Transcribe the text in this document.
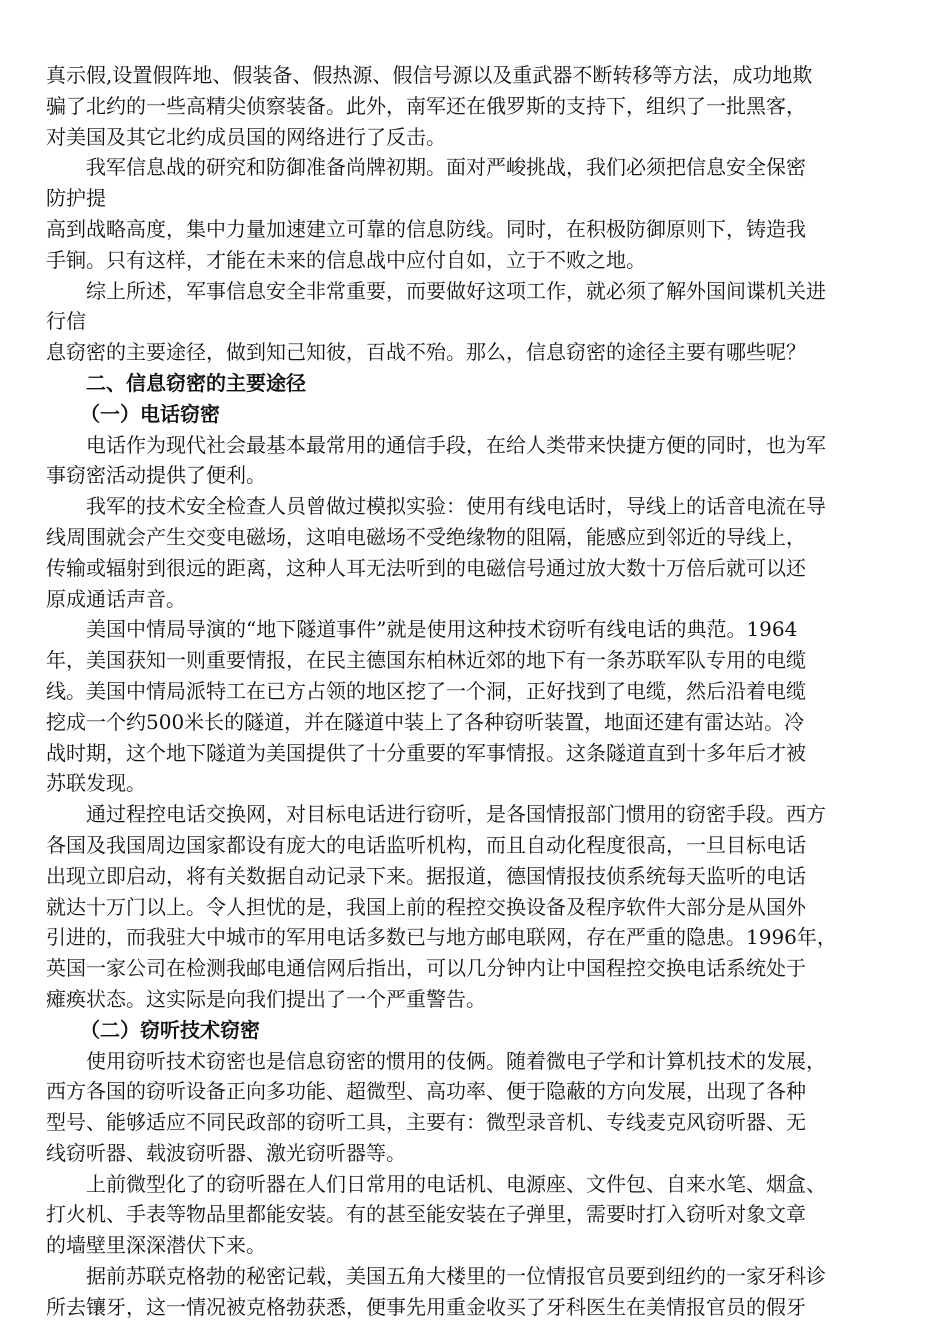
真示假,设置假阵地、假装备、假热源、假信号源以及重武器不断转移等方法，成功地欺
骗了北约的一些高精尖侦察装备。此外，南军还在俄罗斯的支持下，组织了一批黑客，
对美国及其它北约成员国的网络进行了反击。
我军信息战的研究和防御准备尚牌初期。面对严峻挑战，我们必须把信息安全保密
防护提
高到战略高度，集中力量加速建立可靠的信息防线。同时，在积极防御原则下，铸造我
手锏。只有这样，才能在未来的信息战中应付自如，立于不败之地。
综上所述，军事信息安全非常重要，而要做好这项工作，就必须了解外国间谍机关进
行信
息窃密的主要途径，做到知己知彼，百战不殆。那么，信息窃密的途径主要有哪些呢？
二、信息窃密的主要途径
（一）电话窃密
电话作为现代社会最基本最常用的通信手段，在给人类带来快捷方便的同时，也为军
事窃密活动提供了便利。
我军的技术安全检查人员曾做过模拟实验：使用有线电话时，导线上的话音电流在导
线周围就会产生交变电磁场，这咱电磁场不受绝缘物的阻隔，能感应到邻近的导线上，
传输或辐射到很远的距离，这种人耳无法听到的电磁信号通过放大数十万倍后就可以还
原成通话声音。
美国中情局导演的“地下隧道事件”就是使用这种技术窃听有线电话的典范。1964
年，美国获知一则重要情报，在民主德国东柏林近郊的地下有一条苏联军队专用的电缆
线。美国中情局派特工在已方占领的地区挖了一个洞，正好找到了电缆，然后沿着电缆
挖成一个约500米长的隧道，并在隧道中装上了各种窃听装置，地面还建有雷达站。冷
战时期，这个地下隧道为美国提供了十分重要的军事情报。这条隧道直到十多年后才被
苏联发现。
通过程控电话交换网，对目标电话进行窃听，是各国情报部门惯用的窃密手段。西方
各国及我国周边国家都设有庞大的电话监听机构，而且自动化程度很高，一旦目标电话
出现立即启动，将有关数据自动记录下来。据报道，德国情报技侦系统每天监听的电话
就达十万门以上。令人担忧的是，我国上前的程控交换设备及程序软件大部分是从国外
引进的，而我驻大中城市的军用电话多数已与地方邮电联网，存在严重的隐患。1996年，
英国一家公司在检测我邮电通信网后指出，可以几分钟内让中国程控交换电话系统处于
瘫痪状态。这实际是向我们提出了一个严重警告。
（二）窃听技术窃密
使用窃听技术窃密也是信息窃密的惯用的伎俩。随着微电子学和计算机技术的发展，
西方各国的窃听设备正向多功能、超微型、高功率、便于隐蔽的方向发展，出现了各种
型号、能够适应不同民政部的窃听工具，主要有：微型录音机、专线麦克风窃听器、无
线窃听器、载波窃听器、激光窃听器等。
上前微型化了的窃听器在人们日常用的电话机、电源座、文件包、自来水笔、烟盒、
打火机、手表等物品里都能安装。有的甚至能安装在子弹里，需要时打入窃听对象文章
的墙壁里深深潜伏下来。
据前苏联克格勃的秘密记载，美国五角大楼里的一位情报官员要到纽约的一家牙科诊
所去镶牙，这一情况被克格勃获悉，便事先用重金收买了牙科医生在美情报官员的假牙
